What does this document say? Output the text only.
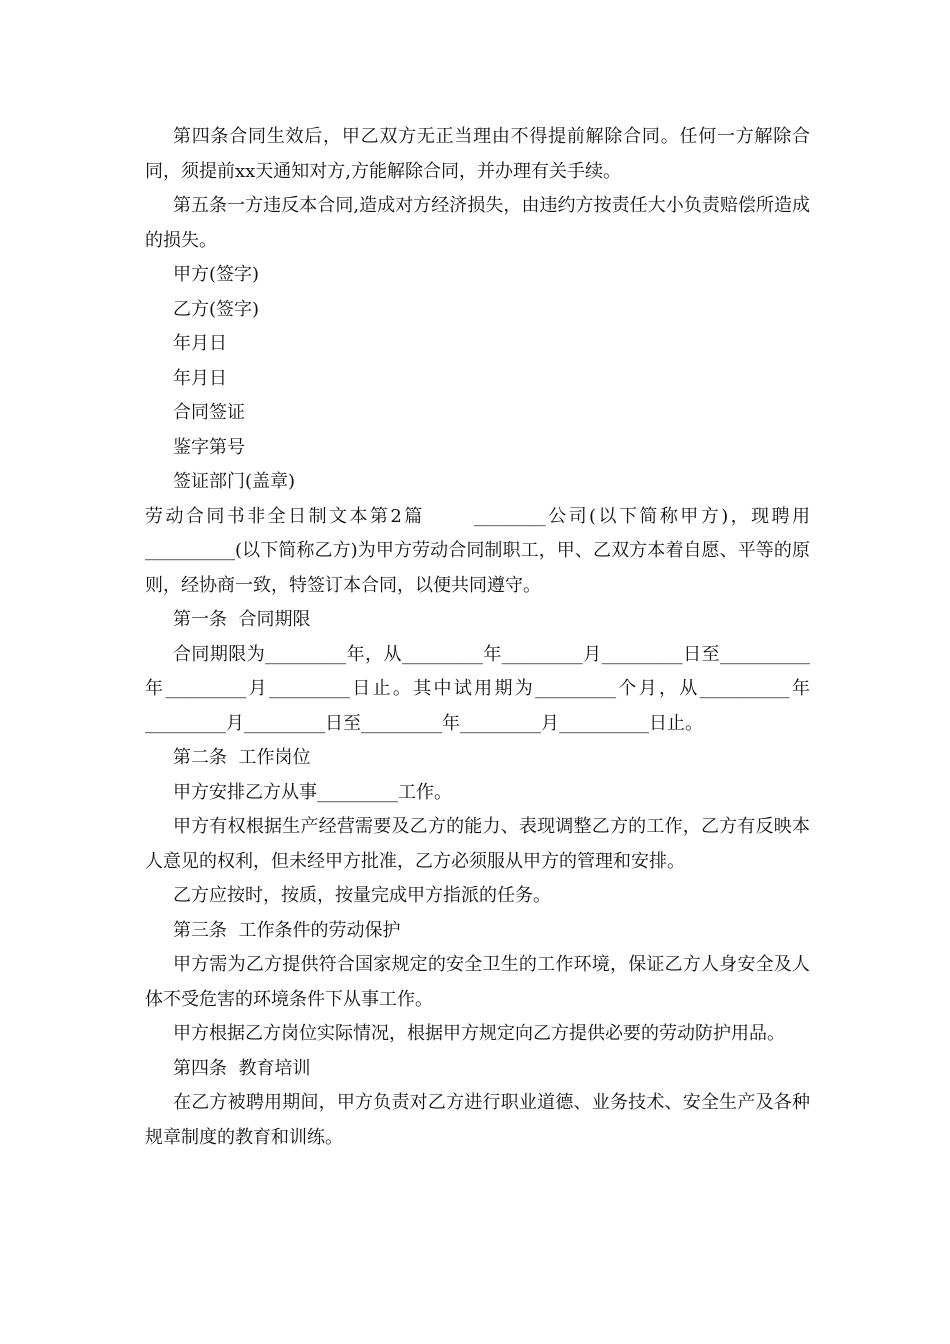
第四条合同生效后，甲乙双方无正当理由不得提前解除合同。任何一方解除合同，须提前xx天通知对方,方能解除合同，并办理有关手续。

第五条一方违反本合同,造成对方经济损失，由违约方按责任大小负责赔偿所造成的损失。

甲方(签字)

乙方(签字)

年月日

年月日

合同签证

鉴字第号

签证部门(盖章)

劳动合同书非全日制文本第2篇      ________公司(以下简称甲方)，现聘用__________(以下简称乙方)为甲方劳动合同制职工，甲、乙双方本着自愿、平等的原则，经协商一致，特签订本合同，以便共同遵守。

第一条  合同期限

合同期限为_________年，从_________年_________月_________日至__________年_________月_________日止。其中试用期为_________个月，从__________年_________月_________日至_________年_________月__________日止。

第二条  工作岗位

甲方安排乙方从事_________工作。

甲方有权根据生产经营需要及乙方的能力、表现调整乙方的工作，乙方有反映本人意见的权利，但未经甲方批准，乙方必须服从甲方的管理和安排。

乙方应按时，按质，按量完成甲方指派的任务。

第三条  工作条件的劳动保护

甲方需为乙方提供符合国家规定的安全卫生的工作环境，保证乙方人身安全及人体不受危害的环境条件下从事工作。

甲方根据乙方岗位实际情况，根据甲方规定向乙方提供必要的劳动防护用品。

第四条  教育培训

在乙方被聘用期间，甲方负责对乙方进行职业道德、业务技术、安全生产及各种规章制度的教育和训练。
